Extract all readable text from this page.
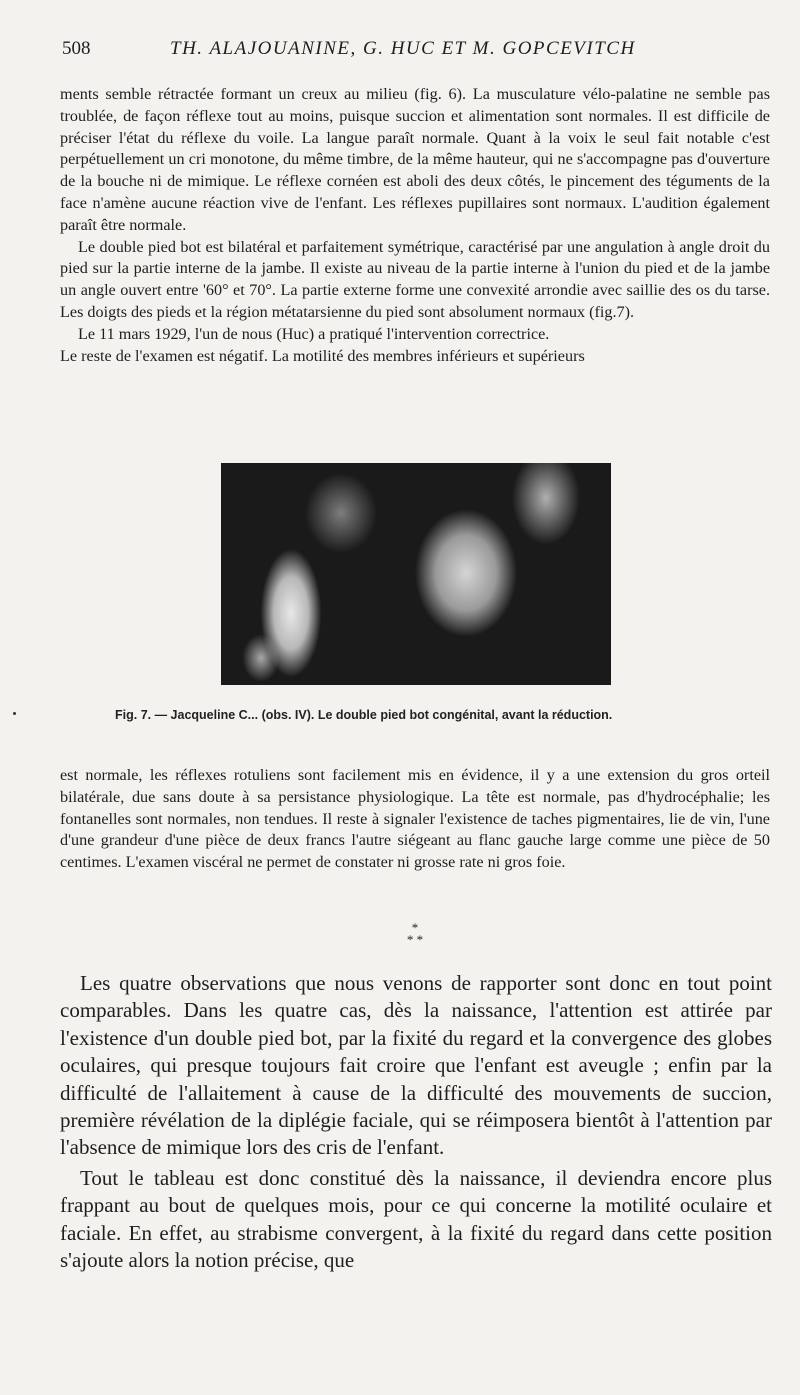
508	TH. ALAJOUANINE, G. HUC ET M. GOPCEVITCH

ments semble rétractée formant un creux au milieu (fig. 6). La musculature vélo-palatine ne semble pas troublée, de façon réflexe tout au moins, puisque succion et alimentation sont normales. Il est difficile de préciser l'état du réflexe du voile. La langue paraît normale. Quant à la voix le seul fait notable c'est perpétuellement un cri monotone, du même timbre, de la même hauteur, qui ne s'accompagne pas d'ouverture de la bouche ni de mimique. Le réflexe cornéen est aboli des deux côtés, le pincement des téguments de la face n'amène aucune réaction vive de l'enfant. Les réflexes pupillaires sont normaux. L'audition également paraît être normale.

Le double pied bot est bilatéral et parfaitement symétrique, caractérisé par une angulation à angle droit du pied sur la partie interne de la jambe. Il existe au niveau de la partie interne à l'union du pied et de la jambe un angle ouvert entre '60° et 70°. La partie externe forme une convexité arrondie avec saillie des os du tarse. Les doigts des pieds et la région métatarsienne du pied sont absolument normaux (fig.7).

Le 11 mars 1929, l'un de nous (Huc) a pratiqué l'intervention correctrice.

Le reste de l'examen est négatif. La motilité des membres inférieurs et supérieurs

Fig. 7. — Jacqueline C... (obs. IV). Le double pied bot congénital, avant la réduction.

est normale, les réflexes rotuliens sont facilement mis en évidence, il y a une extension du gros orteil bilatérale, due sans doute à sa persistance physiologique. La tête est normale, pas d'hydrocéphalie; les fontanelles sont normales, non tendues. Il reste à signaler l'existence de taches pigmentaires, lie de vin, l'une d'une grandeur d'une pièce de deux francs l'autre siégeant au flanc gauche large comme une pièce de 50 centimes. L'examen viscéral ne permet de constater ni grosse rate ni gros foie.

*
* *

Les quatre observations que nous venons de rapporter sont donc en tout point comparables. Dans les quatre cas, dès la naissance, l'attention est attirée par l'existence d'un double pied bot, par la fixité du regard et la convergence des globes oculaires, qui presque toujours fait croire que l'enfant est aveugle ; enfin par la difficulté de l'allaitement à cause de la difficulté des mouvements de succion, première révélation de la diplégie faciale, qui se réimposera bientôt à l'attention par l'absence de mimique lors des cris de l'enfant.

Tout le tableau est donc constitué dès la naissance, il deviendra encore plus frappant au bout de quelques mois, pour ce qui concerne la motilité oculaire et faciale. En effet, au strabisme convergent, à la fixité du regard dans cette position s'ajoute alors la notion précise, que
